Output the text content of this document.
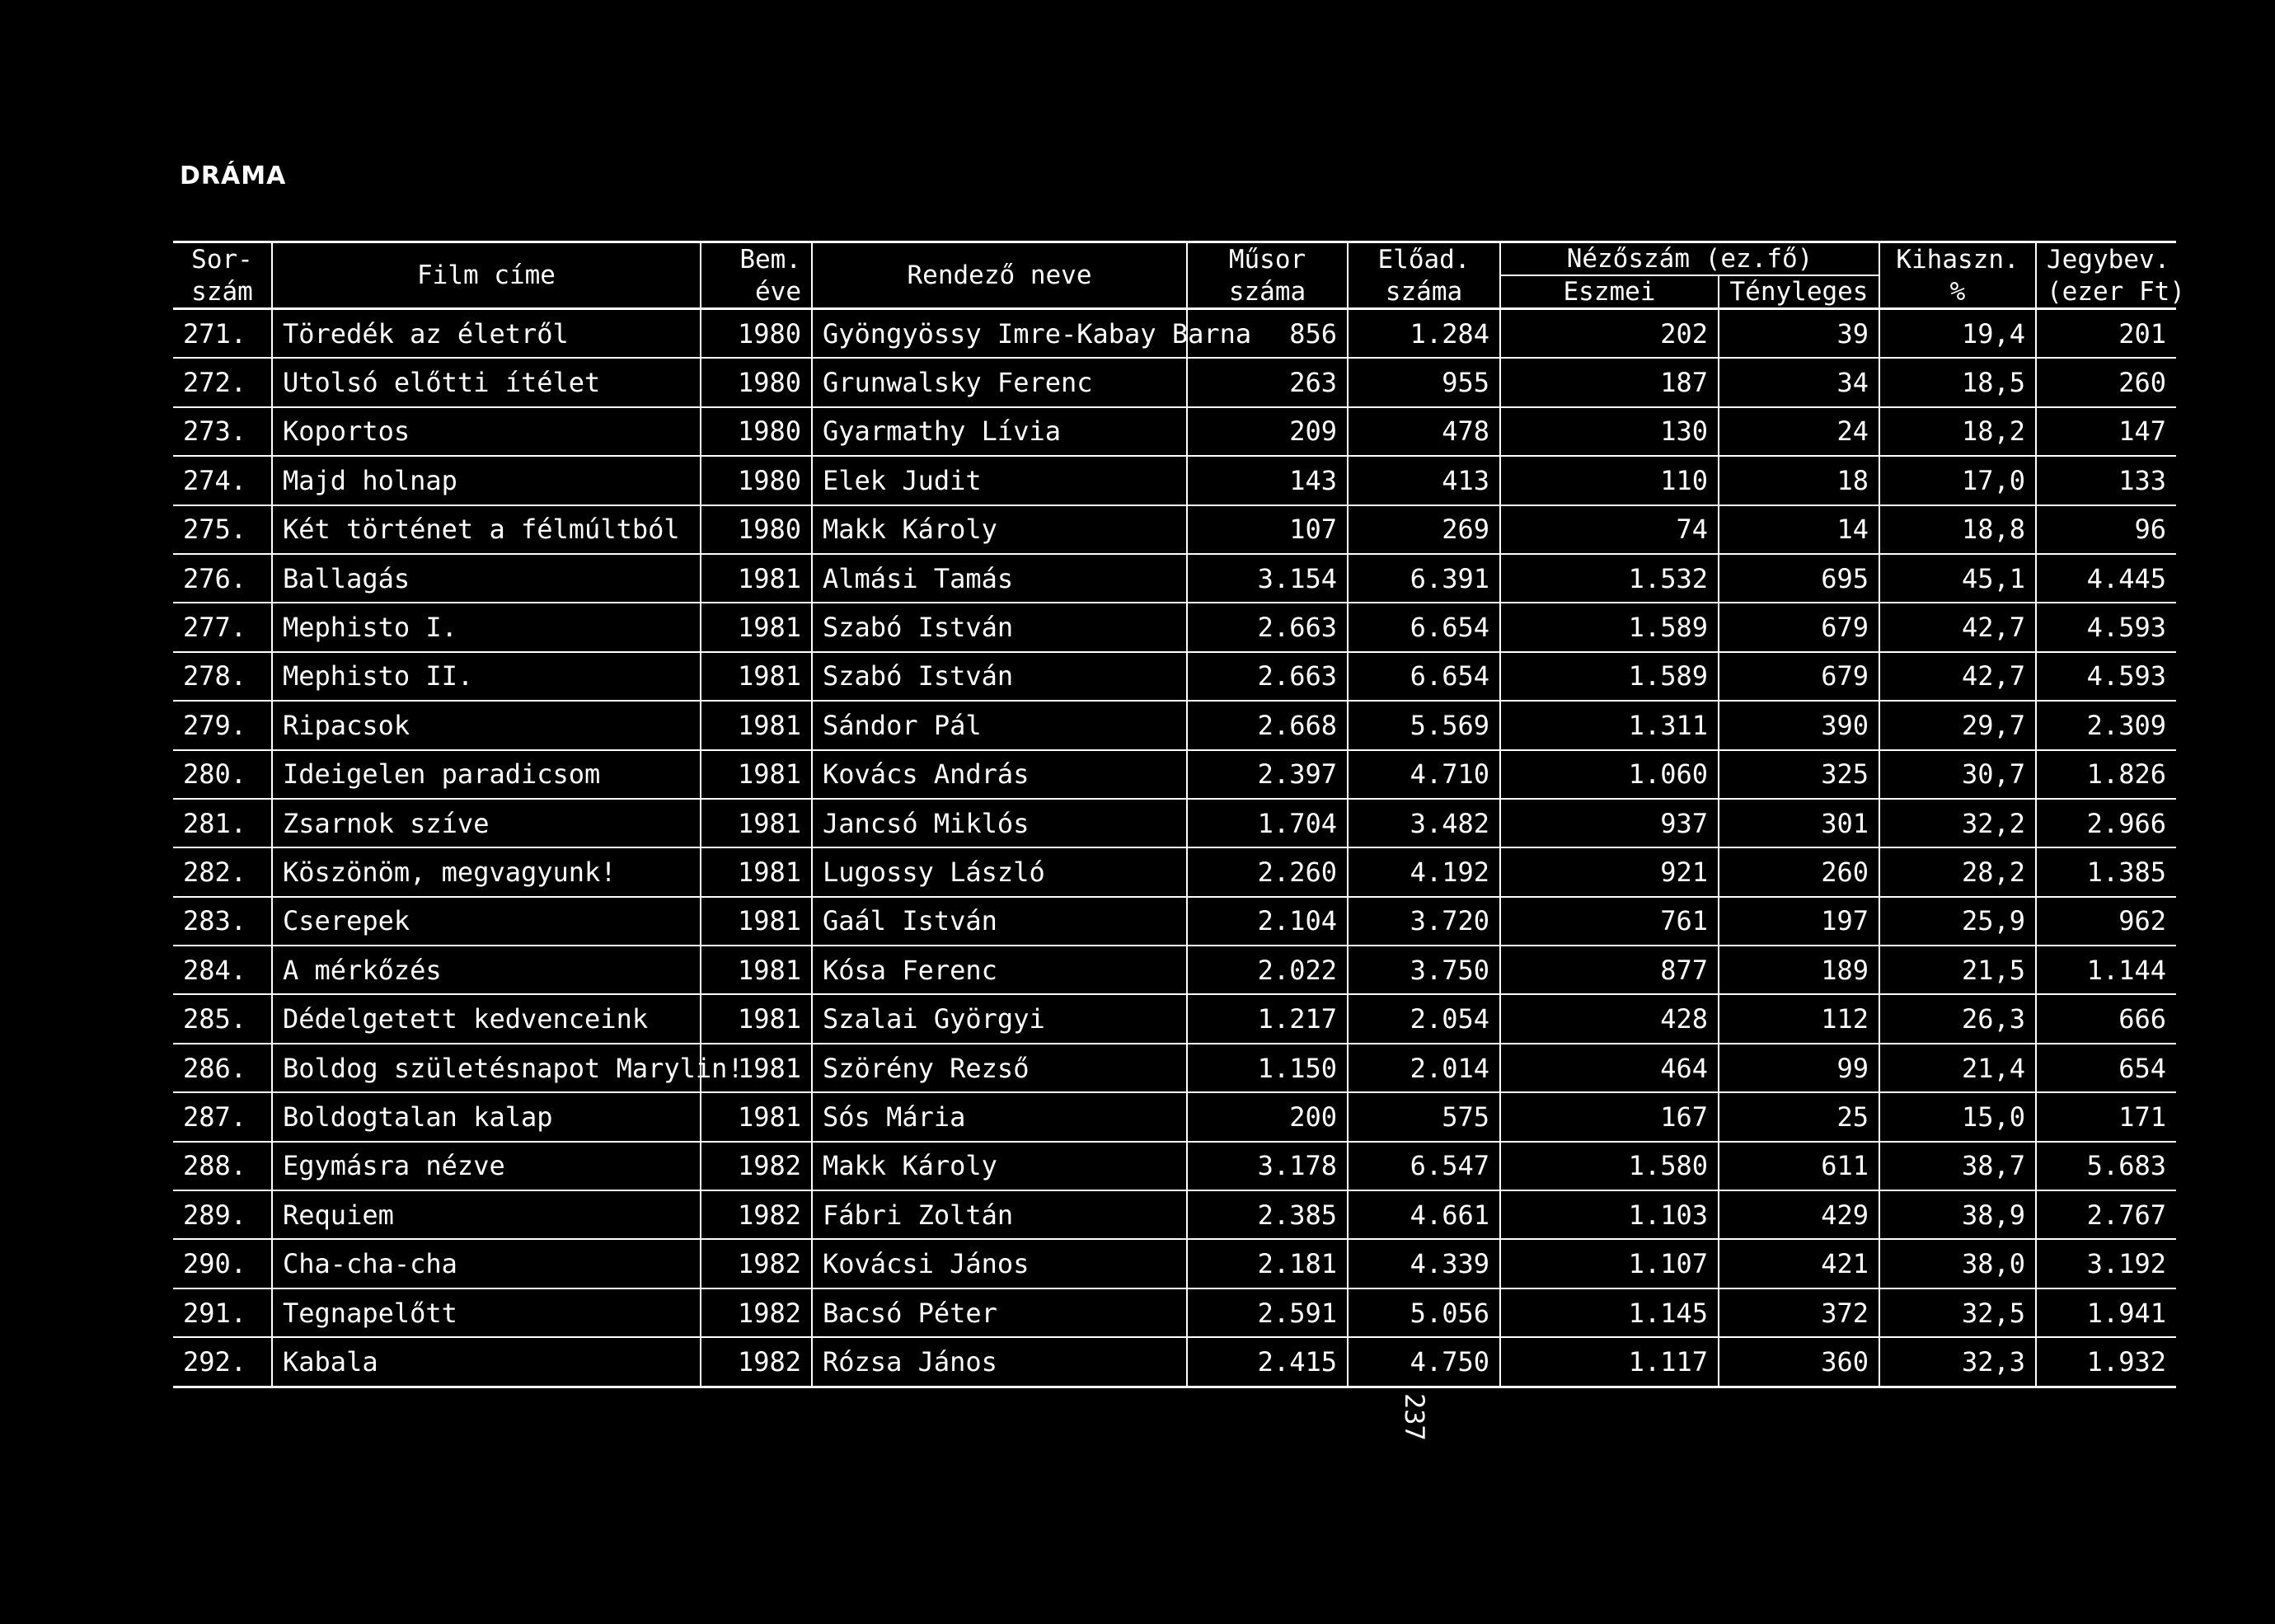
DRÁMA
Sor-	Film címe	Bem.	Rendező neve	Műsor	Előad.	Nézőszám (ez.fő)		Kihaszn.	Jegybev.
szám		éve		száma	száma	Eszmei	Tényleges	%	(ezer Ft)
271.	Töredék az életről	1980	Gyöngyössy Imre-Kabay Barna	856	1.284	202	39	19,4	201
272.	Utolsó előtti ítélet	1980	Grunwalsky Ferenc	263	955	187	34	18,5	260
273.	Koportos	1980	Gyarmathy Lívia	209	478	130	24	18,2	147
274.	Majd holnap	1980	Elek Judit	143	413	110	18	17,0	133
275.	Két történet a félmúltból	1980	Makk Károly	107	269	74	14	18,8	96
276.	Ballagás	1981	Almási Tamás	3.154	6.391	1.532	695	45,1	4.445
277.	Mephisto I.	1981	Szabó István	2.663	6.654	1.589	679	42,7	4.593
278.	Mephisto II.	1981	Szabó István	2.663	6.654	1.589	679	42,7	4.593
279.	Ripacsok	1981	Sándor Pál	2.668	5.569	1.311	390	29,7	2.309
280.	Ideigelen paradicsom	1981	Kovács András	2.397	4.710	1.060	325	30,7	1.826
281.	Zsarnok szíve	1981	Jancsó Miklós	1.704	3.482	937	301	32,2	2.966
282.	Köszönöm, megvagyunk!	1981	Lugossy László	2.260	4.192	921	260	28,2	1.385
283.	Cserepek	1981	Gaál István	2.104	3.720	761	197	25,9	962
284.	A mérkőzés	1981	Kósa Ferenc	2.022	3.750	877	189	21,5	1.144
285.	Dédelgetett kedvenceink	1981	Szalai Györgyi	1.217	2.054	428	112	26,3	666
286.	Boldog születésnapot Marylin!	1981	Szörény Rezső	1.150	2.014	464	99	21,4	654
287.	Boldogtalan kalap	1981	Sós Mária	200	575	167	25	15,0	171
288.	Egymásra nézve	1982	Makk Károly	3.178	6.547	1.580	611	38,7	5.683
289.	Requiem	1982	Fábri Zoltán	2.385	4.661	1.103	429	38,9	2.767
290.	Cha-cha-cha	1982	Kovácsi János	2.181	4.339	1.107	421	38,0	3.192
291.	Tegnapelőtt	1982	Bacsó Péter	2.591	5.056	1.145	372	32,5	1.941
292.	Kabala	1982	Rózsa János	2.415	4.750	1.117	360	32,3	1.932
237
